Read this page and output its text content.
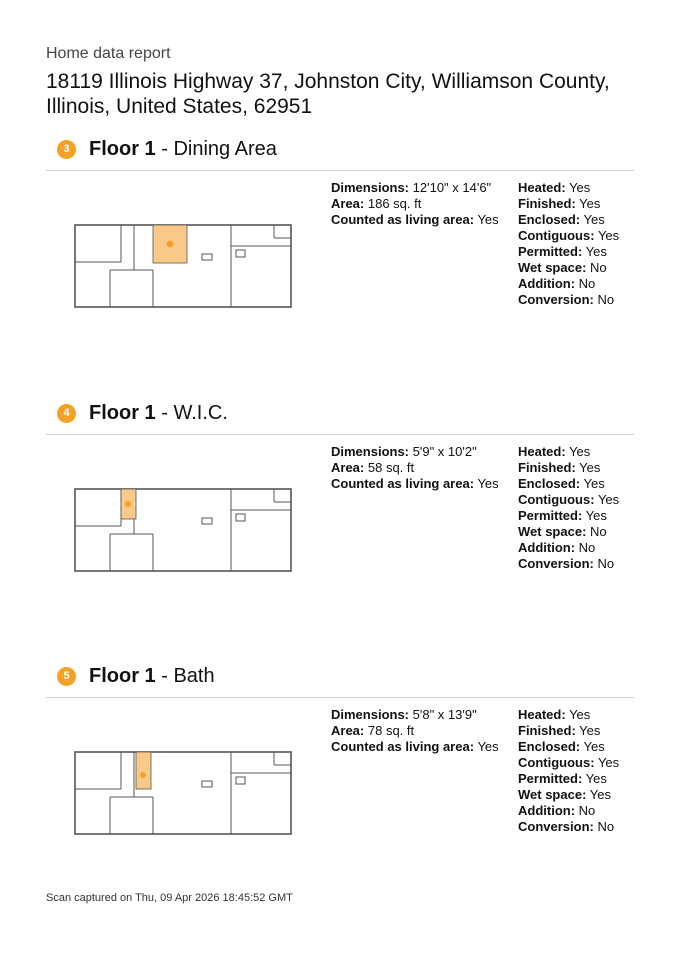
Home data report
18119 Illinois Highway 37, Johnston City, Williamson County, Illinois, United States, 62951
3 Floor 1 - Dining Area
Dimensions: 12'10" x 14'6"
Area: 186 sq. ft
Counted as living area: Yes
Heated: Yes
Finished: Yes
Enclosed: Yes
Contiguous: Yes
Permitted: Yes
Wet space: No
Addition: No
Conversion: No
4 Floor 1 - W.I.C.
Dimensions: 5'9" x 10'2"
Area: 58 sq. ft
Counted as living area: Yes
Heated: Yes
Finished: Yes
Enclosed: Yes
Contiguous: Yes
Permitted: Yes
Wet space: No
Addition: No
Conversion: No
5 Floor 1 - Bath
Dimensions: 5'8" x 13'9"
Area: 78 sq. ft
Counted as living area: Yes
Heated: Yes
Finished: Yes
Enclosed: Yes
Contiguous: Yes
Permitted: Yes
Wet space: Yes
Addition: No
Conversion: No
Scan captured on Thu, 09 Apr 2026 18:45:52 GMT
